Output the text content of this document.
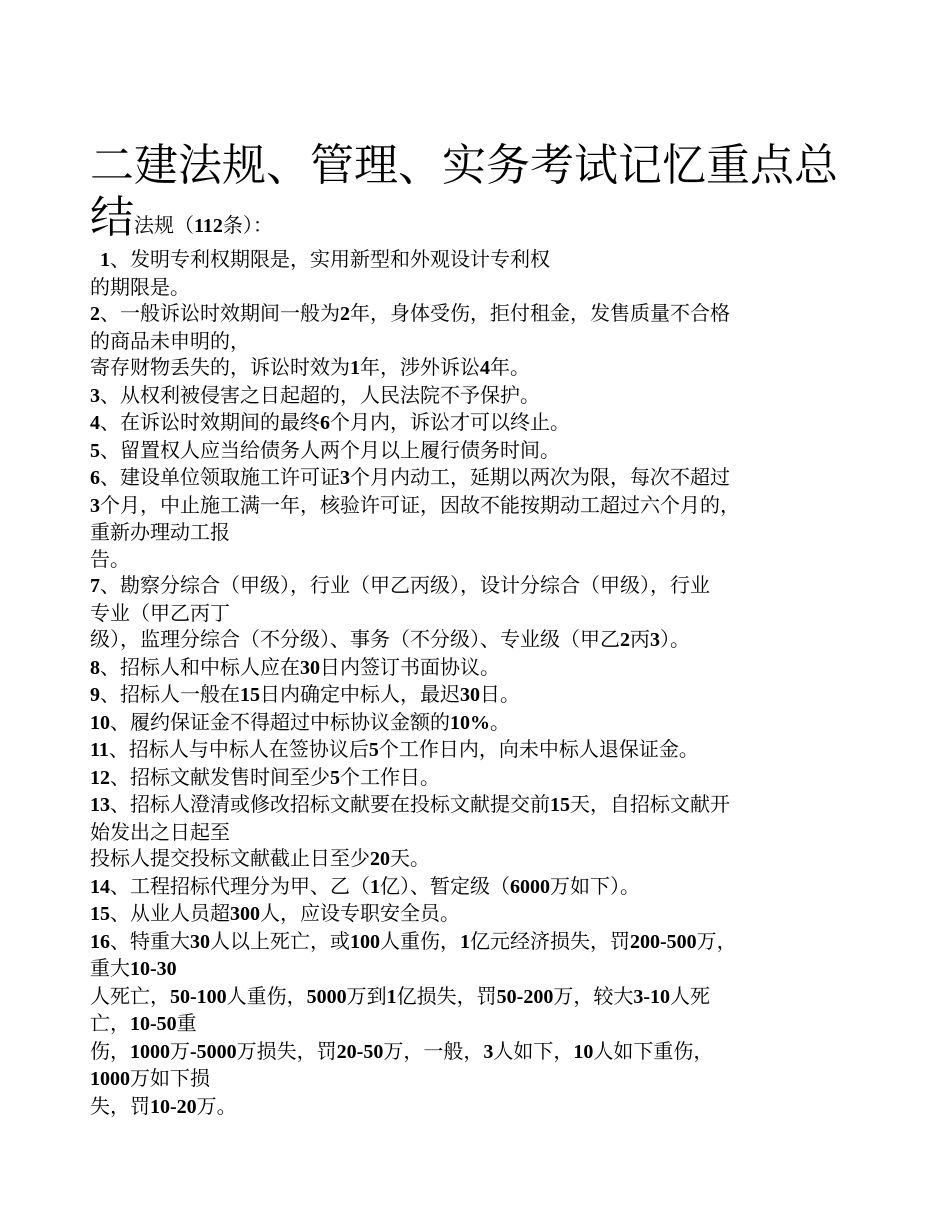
二建法规、管理、实务考试记忆重点总
结 法规（112条）：
1、发明专利权期限是，实用新型和外观设计专利权
的期限是。
2、一般诉讼时效期间一般为2年，身体受伤，拒付租金，发售质量不合格
的商品未申明的，
寄存财物丢失的，诉讼时效为1年，涉外诉讼4年。
3、从权利被侵害之日起超的，人民法院不予保护。
4、在诉讼时效期间的最终6个月内，诉讼才可以终止。
5、留置权人应当给债务人两个月以上履行债务时间。
6、建设单位领取施工许可证3个月内动工，延期以两次为限，每次不超过
3个月，中止施工满一年，核验许可证，因故不能按期动工超过六个月的，
重新办理动工报
告。
7、勘察分综合（甲级），行业（甲乙丙级），设计分综合（甲级），行业
专业（甲乙丙丁
级），监理分综合（不分级）、事务（不分级）、专业级（甲乙2丙3）。
8、招标人和中标人应在30日内签订书面协议。
9、招标人一般在15日内确定中标人，最迟30日。
10、履约保证金不得超过中标协议金额的10%。
11、招标人与中标人在签协议后5个工作日内，向未中标人退保证金。
12、招标文献发售时间至少5个工作日。
13、招标人澄清或修改招标文献要在投标文献提交前15天，自招标文献开
始发出之日起至
投标人提交投标文献截止日至少20天。
14、工程招标代理分为甲、乙（1亿）、暂定级（6000万如下）。
15、从业人员超300人，应设专职安全员。
16、特重大30人以上死亡，或100人重伤，1亿元经济损失，罚200-500万，
重大10-30
人死亡，50-100人重伤，5000万到1亿损失，罚50-200万，较大3-10人死
亡，10-50重
伤，1000万-5000万损失，罚20-50万，一般，3人如下，10人如下重伤，
1000万如下损
失，罚10-20万。
